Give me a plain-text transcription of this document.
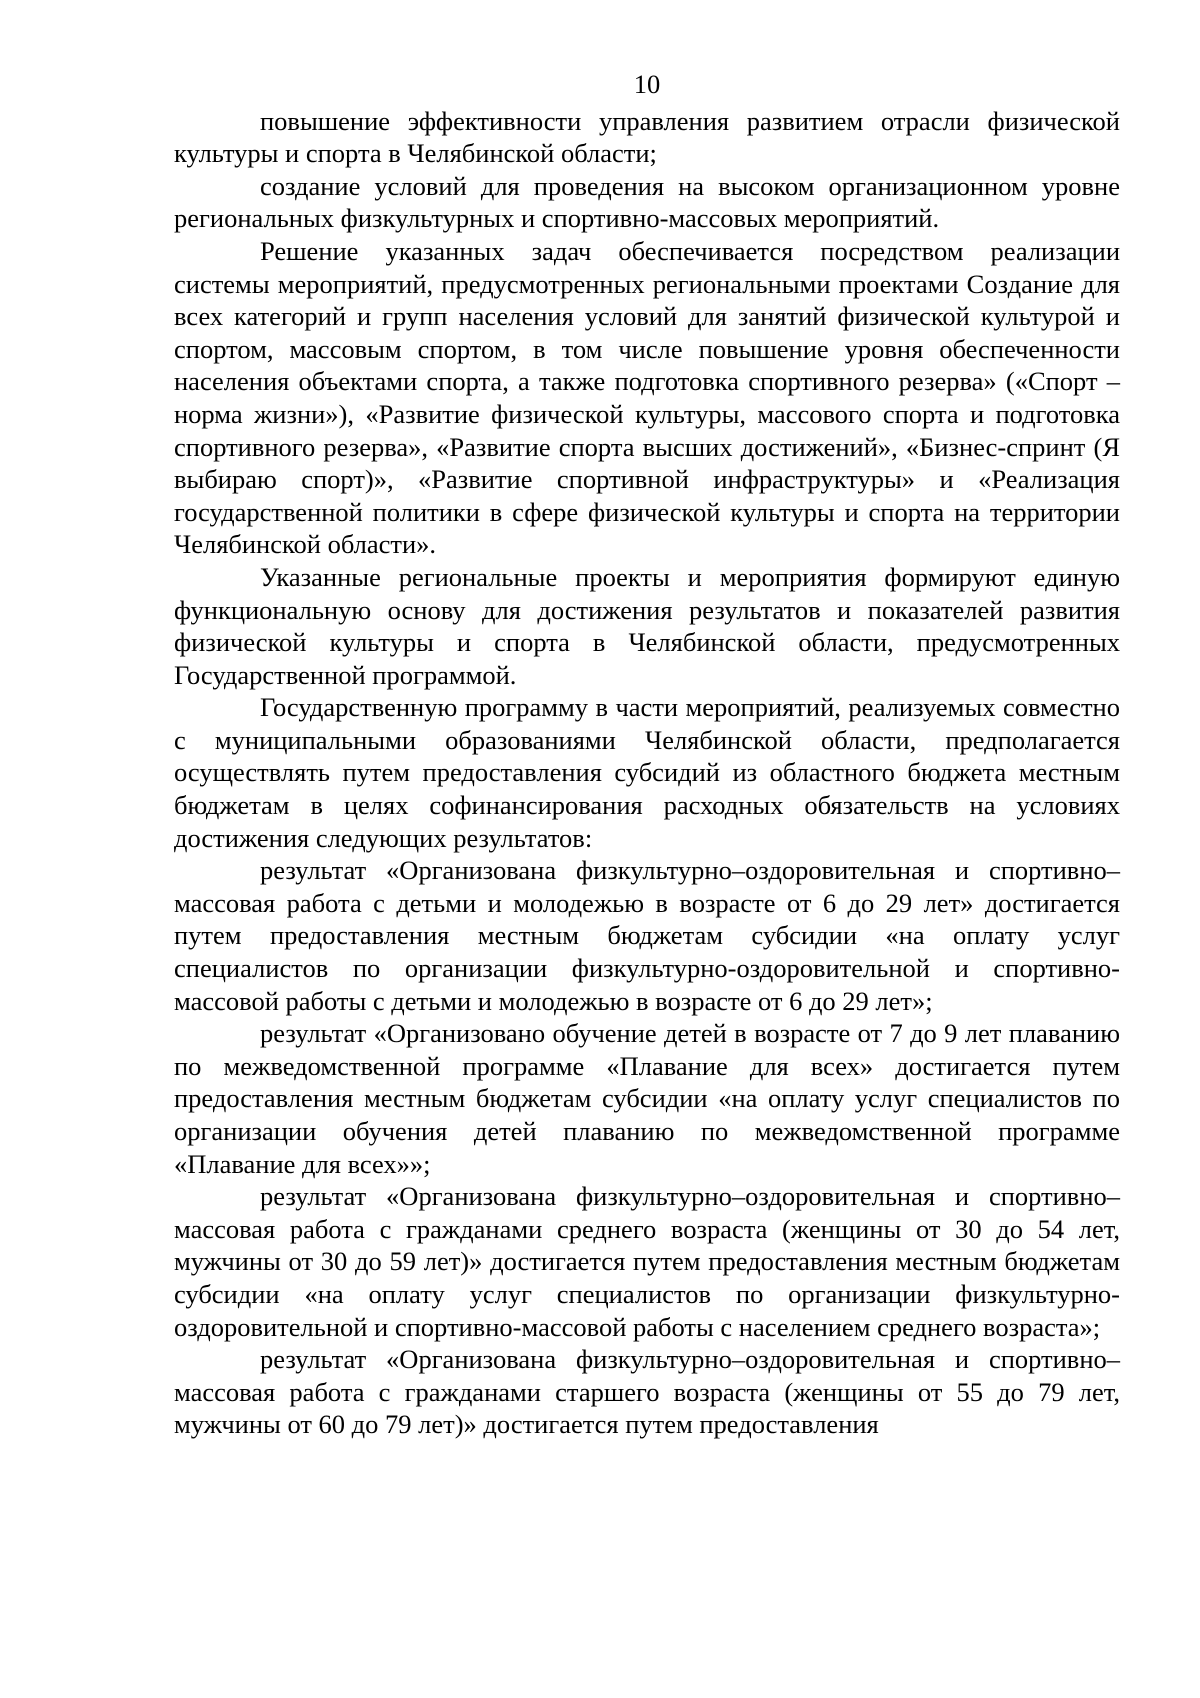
10

повышение эффективности управления развитием отрасли физической культуры и спорта в Челябинской области;

создание условий для проведения на высоком организационном уровне региональных физкультурных и спортивно-массовых мероприятий.

Решение указанных задач обеспечивается посредством реализации системы мероприятий, предусмотренных региональными проектами Создание для всех категорий и групп населения условий для занятий физической культурой и спортом, массовым спортом, в том числе повышение уровня обеспеченности населения объектами спорта, а также подготовка спортивного резерва» («Спорт – норма жизни»), «Развитие физической культуры, массового спорта и подготовка спортивного резерва», «Развитие спорта высших достижений», «Бизнес-спринт (Я выбираю спорт)», «Развитие спортивной инфраструктуры» и «Реализация государственной политики в сфере физической культуры и спорта на территории Челябинской области».

Указанные региональные проекты и мероприятия формируют единую функциональную основу для достижения результатов и показателей развития физической культуры и спорта в Челябинской области, предусмотренных Государственной программой.

Государственную программу в части мероприятий, реализуемых совместно с муниципальными образованиями Челябинской области, предполагается осуществлять путем предоставления субсидий из областного бюджета местным бюджетам в целях софинансирования расходных обязательств на условиях достижения следующих результатов:

результат «Организована физкультурно–оздоровительная и спортивно–массовая работа с детьми и молодежью в возрасте от 6 до 29 лет» достигается путем предоставления местным бюджетам субсидии «на оплату услуг специалистов по организации физкультурно-оздоровительной и спортивно-массовой работы с детьми и молодежью в возрасте от 6 до 29 лет»;

результат «Организовано обучение детей в возрасте от 7 до 9 лет плаванию по межведомственной программе «Плавание для всех» достигается путем предоставления местным бюджетам субсидии «на оплату услуг специалистов по организации обучения детей плаванию по межведомственной программе «Плавание для всех»»;

результат «Организована физкультурно–оздоровительная и спортивно–массовая работа с гражданами среднего возраста (женщины от 30 до 54 лет, мужчины от 30 до 59 лет)» достигается путем предоставления местным бюджетам субсидии «на оплату услуг специалистов по организации физкультурно-оздоровительной и спортивно-массовой работы с населением среднего возраста»;

результат «Организована физкультурно–оздоровительная и спортивно–массовая работа с гражданами старшего возраста (женщины от 55 до 79 лет, мужчины от 60 до 79 лет)» достигается путем предоставления
